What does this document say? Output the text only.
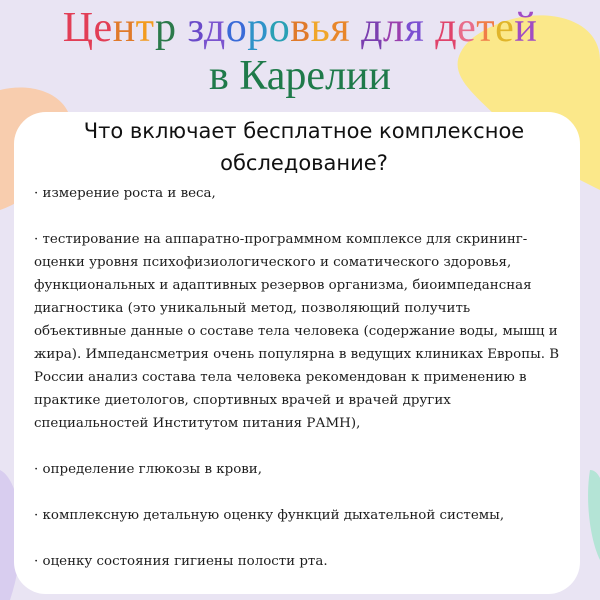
Центр здоровья для детей
в Карелии
Что включает бесплатное комплексное обследование?

· измерение роста и веса,

· тестирование на аппаратно-программном комплексе для скрининг-оценки уровня психофизиологического и соматического здоровья, функциональных и адаптивных резервов организма, биоимпедансная диагностика (это уникальный метод, позволяющий получить объективные данные о составе тела человека (содержание воды, мышц и жира). Импедансметрия очень популярна в ведущих клиниках Европы. В России анализ состава тела человека рекомендован к применению в практике диетологов, спортивных врачей и врачей других специальностей Институтом питания РАМН),

· определение глюкозы в крови,

· комплексную детальную оценку функций дыхательной системы,

· оценку состояния гигиены полости рта.
